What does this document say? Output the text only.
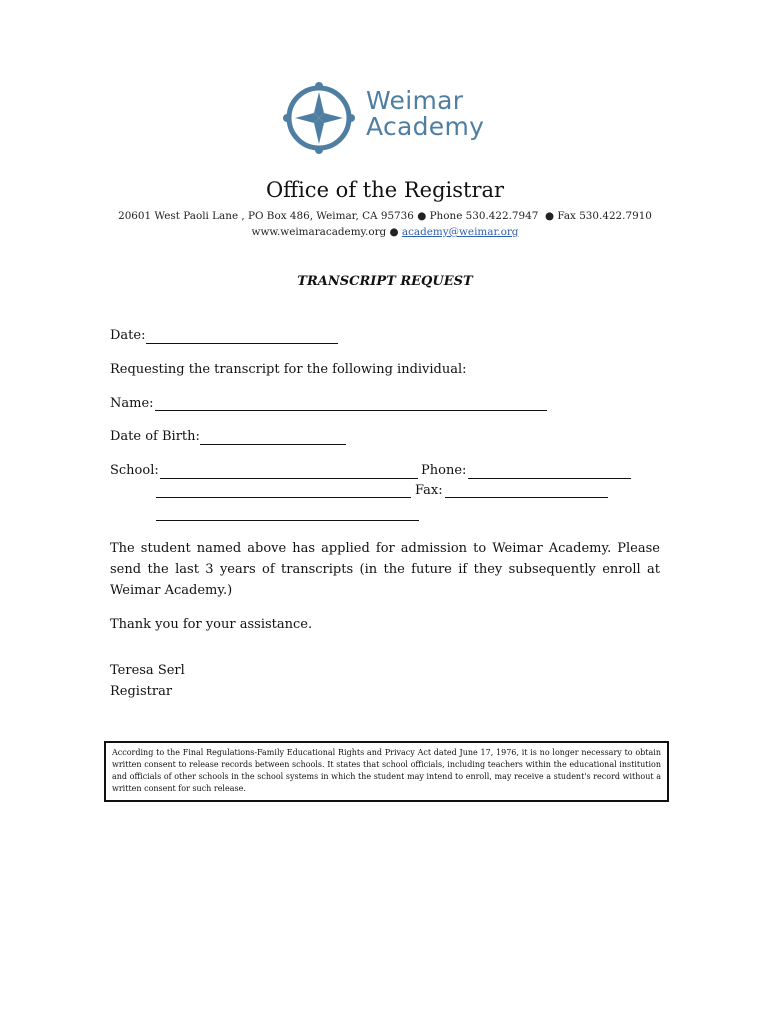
Weimar
Academy
Office of the Registrar
20601 West Paoli Lane , PO Box 486, Weimar, CA 95736 ● Phone 530.422.7947  ● Fax 530.422.7910
www.weimaracademy.org ● academy@weimar.org
TRANSCRIPT REQUEST
Date:
Requesting the transcript for the following individual:
Name:
Date of Birth:
School:	Phone:
Fax:
The student named above has applied for admission to Weimar Academy. Please send the last 3 years of transcripts (in the future if they subsequently enroll at Weimar Academy.)
Thank you for your assistance.
Teresa Serl
Registrar
According to the Final Regulations-Family Educational Rights and Privacy Act dated June 17, 1976, it is no longer necessary to obtain written consent to release records between schools. It states that school officials, including teachers within the educational institution and officials of other schools in the school systems in which the student may intend to enroll, may receive a student's record without a written consent for such release.
